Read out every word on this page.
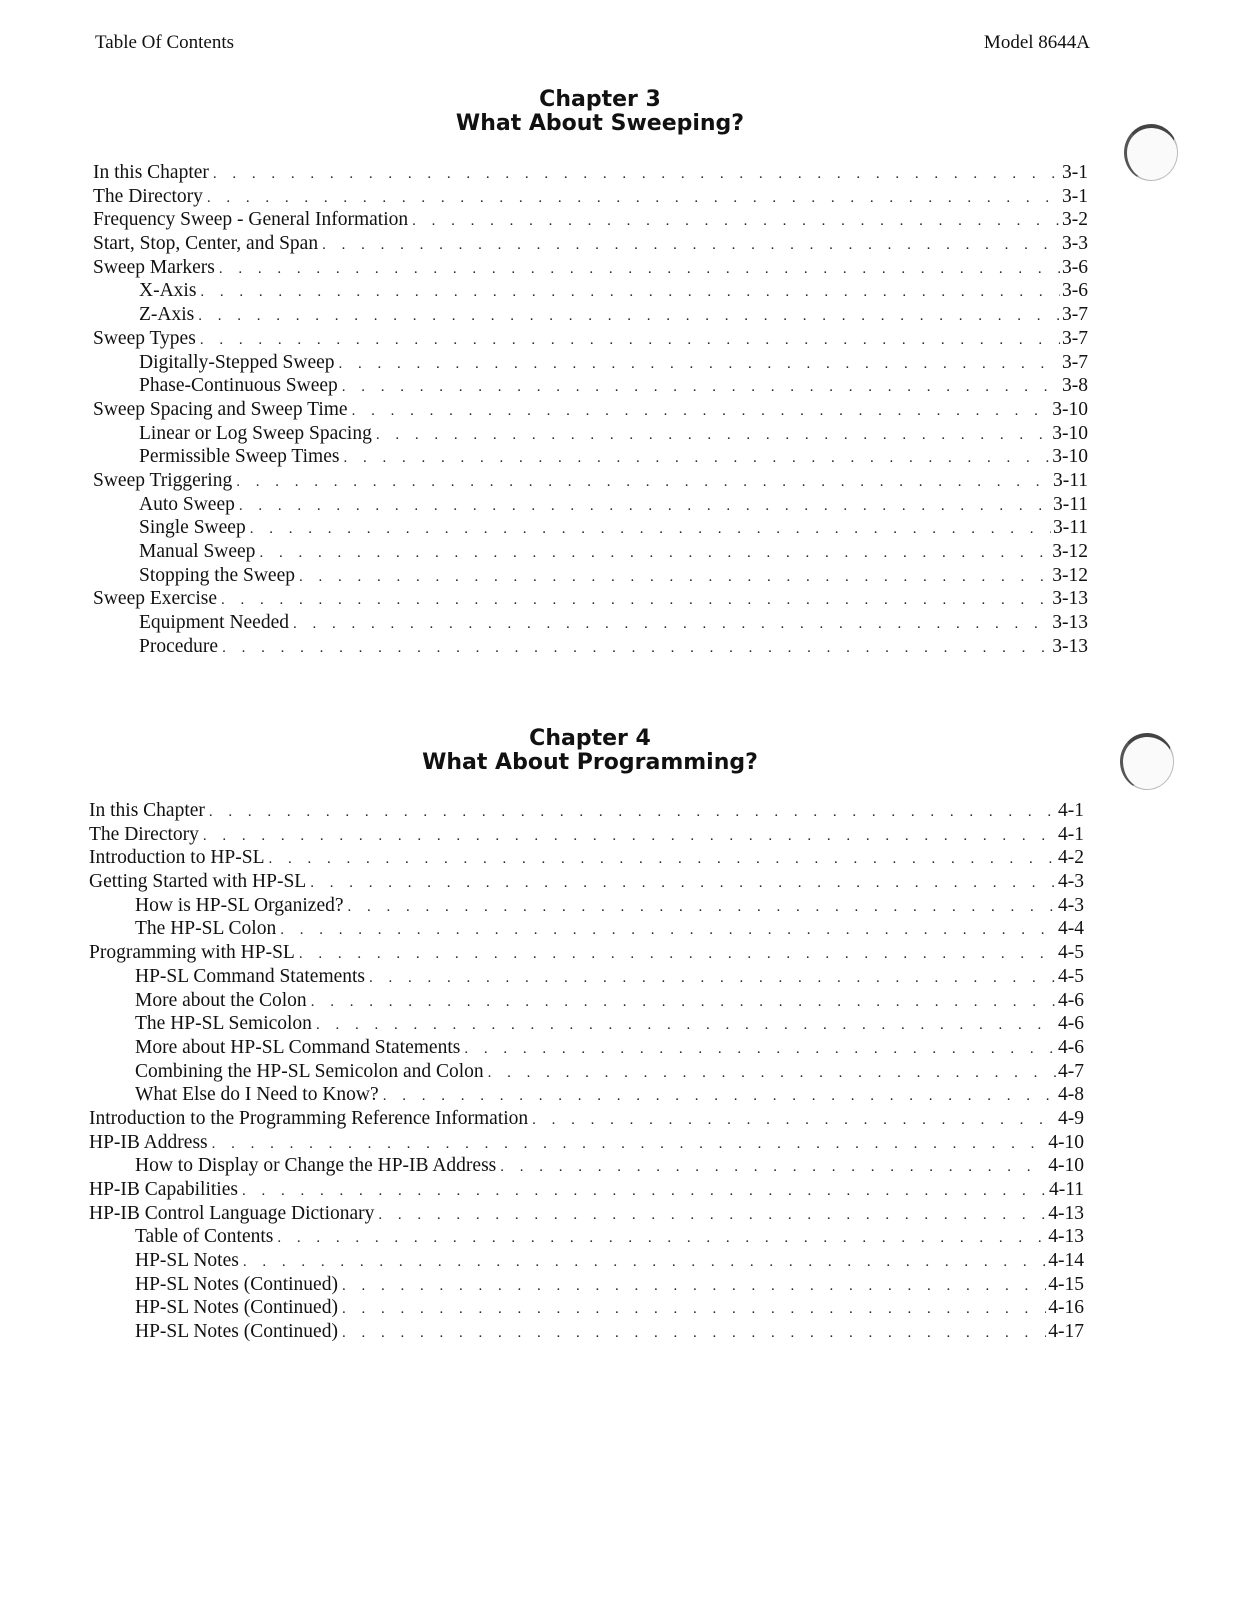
Table Of Contents	Model 8644A
Chapter 3
What About Sweeping?
In this Chapter . . .	3-1
The Directory . . .	3-1
Frequency Sweep - General Information . . .	3-2
Start, Stop, Center, and Span . . .	3-3
Sweep Markers . . .	3-6
X-Axis . . .	3-6
Z-Axis . . .	3-7
Sweep Types . . .	3-7
Digitally-Stepped Sweep . . .	3-7
Phase-Continuous Sweep . . .	3-8
Sweep Spacing and Sweep Time . . .	3-10
Linear or Log Sweep Spacing . . .	3-10
Permissible Sweep Times . . .	3-10
Sweep Triggering . . .	3-11
Auto Sweep . . .	3-11
Single Sweep . . .	3-11
Manual Sweep . . .	3-12
Stopping the Sweep . . .	3-12
Sweep Exercise . . .	3-13
Equipment Needed . . .	3-13
Procedure . . .	3-13
Chapter 4
What About Programming?
In this Chapter . . .	4-1
The Directory . . .	4-1
Introduction to HP-SL . . .	4-2
Getting Started with HP-SL . . .	4-3
How is HP-SL Organized? . . .	4-3
The HP-SL Colon . . .	4-4
Programming with HP-SL . . .	4-5
HP-SL Command Statements . . .	4-5
More about the Colon . . .	4-6
The HP-SL Semicolon . . .	4-6
More about HP-SL Command Statements . . .	4-6
Combining the HP-SL Semicolon and Colon . . .	4-7
What Else do I Need to Know? . . .	4-8
Introduction to the Programming Reference Information . . .	4-9
HP-IB Address . . .	4-10
How to Display or Change the HP-IB Address . . .	4-10
HP-IB Capabilities . . .	4-11
HP-IB Control Language Dictionary . . .	4-13
Table of Contents . . .	4-13
HP-SL Notes . . .	4-14
HP-SL Notes (Continued) . . .	4-15
HP-SL Notes (Continued) . . .	4-16
HP-SL Notes (Continued) . . .	4-17
